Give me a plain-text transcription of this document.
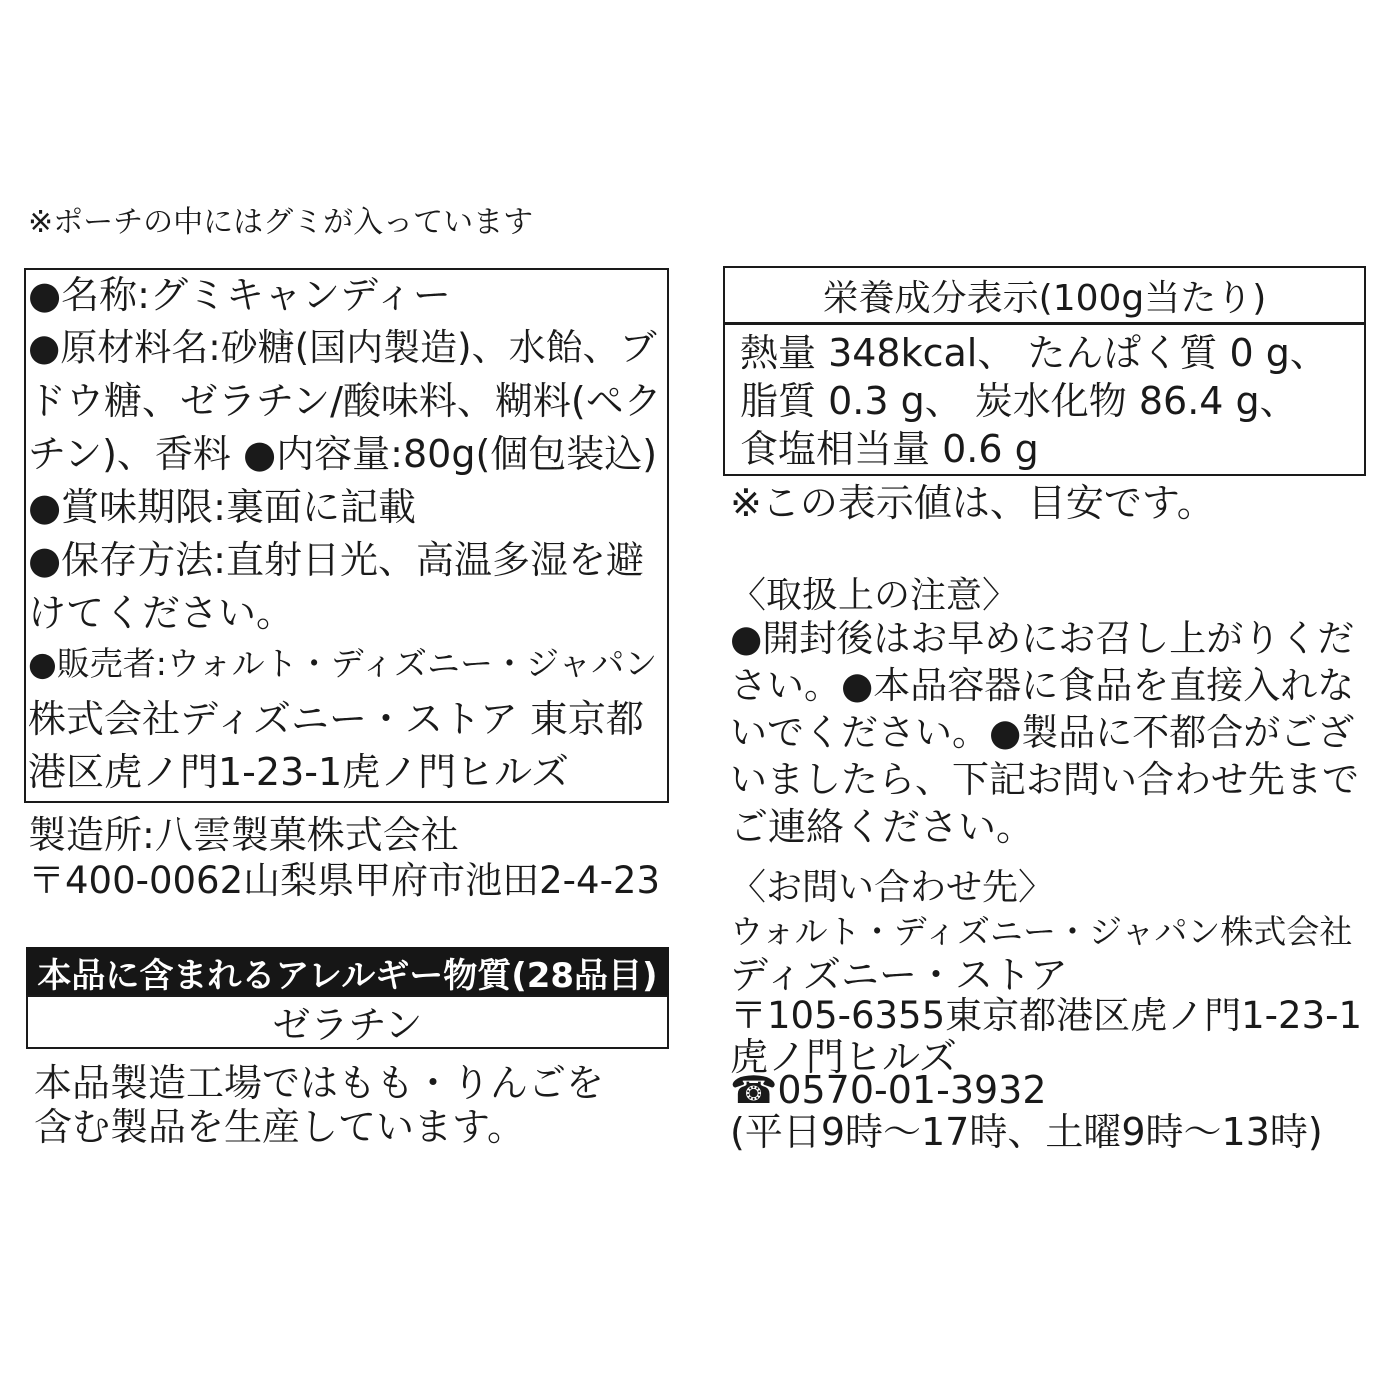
※ポーチの中にはグミが入っています
●名称:グミキャンディー
●原材料名:砂糖(国内製造)、水飴、ブ
ドウ糖、ゼラチン/酸味料、糊料(ペク
チン)、香料 ●内容量:80g(個包装込)
●賞味期限:裏面に記載
●保存方法:直射日光、高温多湿を避
けてください。
●販売者:ウォルト・ディズニー・ジャパン
株式会社ディズニー・ストア 東京都
港区虎ノ門1-23-1虎ノ門ヒルズ
製造所:八雲製菓株式会社
〒400-0062山梨県甲府市池田2-4-23
本品に含まれるアレルギー物質(28品目)
ゼラチン
本品製造工場ではもも・りんごを
含む製品を生産しています。
栄養成分表示(100g当たり)
熱量 348kcal、 たんぱく質 0 g、
脂質 0.3 g、 炭水化物 86.4 g、
食塩相当量 0.6 g
※この表示値は、目安です。
〈取扱上の注意〉
●開封後はお早めにお召し上がりくだ
さい。●本品容器に食品を直接入れな
いでください。●製品に不都合がござ
いましたら、下記お問い合わせ先まで
ご連絡ください。
〈お問い合わせ先〉
ウォルト・ディズニー・ジャパン株式会社
ディズニー・ストア
〒105-6355東京都港区虎ノ門1-23-1
虎ノ門ヒルズ
☎0570-01-3932
(平日9時〜17時、土曜9時〜13時)
